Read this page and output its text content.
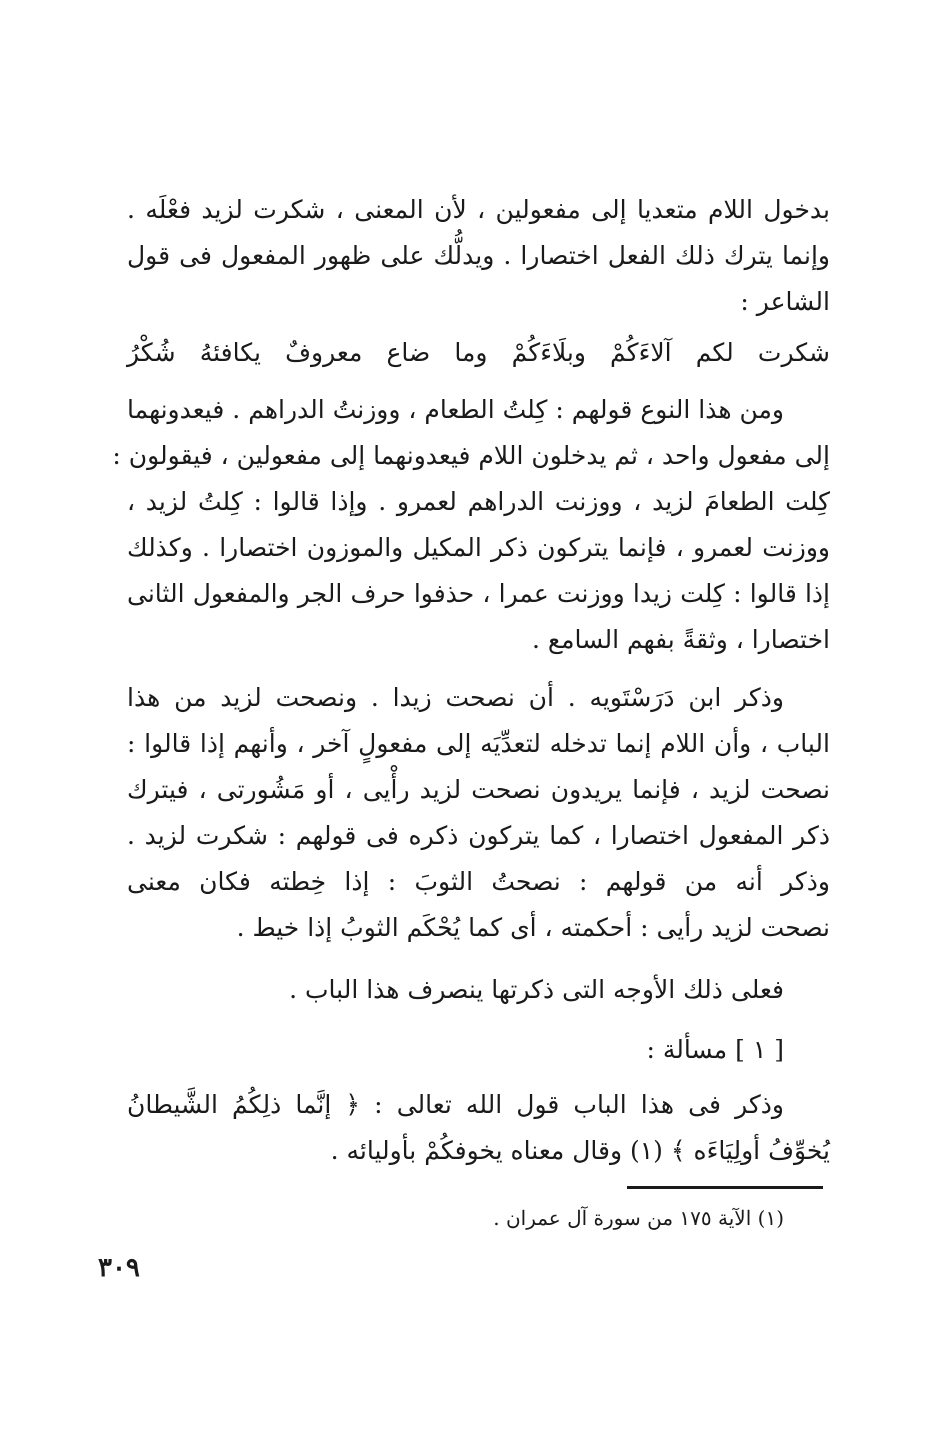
بدخول اللام متعديا إلى مفعولين ، لأن المعنى ، شكرت لزيد فعْلَه .
وإنما يترك ذلك الفعل اختصارا . ويدلُّك على ظهور المفعول فى قول
الشاعر :
شكرت لكم آلاءَكُمْ وبلَاءَكُمْ وما ضاع معروفٌ يكافئهُ شُكْرُ
ومن هذا النوع قولهم : كِلتُ الطعام ، ووزنتُ الدراهم . فيعدونهما
إلى مفعول واحد ، ثم يدخلون اللام فيعدونهما إلى مفعولين ، فيقولون :
كِلت الطعامَ لزيد ، ووزنت الدراهم لعمرو . وإذا قالوا : كِلتُ لزيد ،
ووزنت لعمرو ، فإنما يتركون ذكر المكيل والموزون اختصارا . وكذلك
إذا قالوا : كِلت زيدا ووزنت عمرا ، حذفوا حرف الجر والمفعول الثانى
اختصارا ، وثقةً بفهم السامع .
وذكر ابن دَرَسْتَويه . أن نصحت زيدا . ونصحت لزيد من هذا
الباب ، وأن اللام إنما تدخله لتعدِّيَه إلى مفعولٍ آخر ، وأنهم إذا قالوا :
نصحت لزيد ، فإنما يريدون نصحت لزيد رأْيى ، أو مَشُورتى ، فيترك
ذكر المفعول اختصارا ، كما يتركون ذكره فى قولهم : شكرت لزيد .
وذكر أنه من قولهم : نصحتُ الثوبَ : إذا خِطته فكان معنى
نصحت لزيد رأيى : أحكمته ، أى كما يُحْكَم الثوبُ إذا خيط .
فعلى ذلك الأوجه التى ذكرتها ينصرف هذا الباب .
[ ١ ] مسألة :
وذكر فى هذا الباب قول الله تعالى : ﴿ إنَّما ذلِكُمُ الشَّيطانُ
يُخوِّفُ أولِيَاءَه ﴾ (١) وقال معناه يخوفكُمْ بأوليائه .
(١) الآية ١٧٥ من سورة آل عمران .
٣٠٩
